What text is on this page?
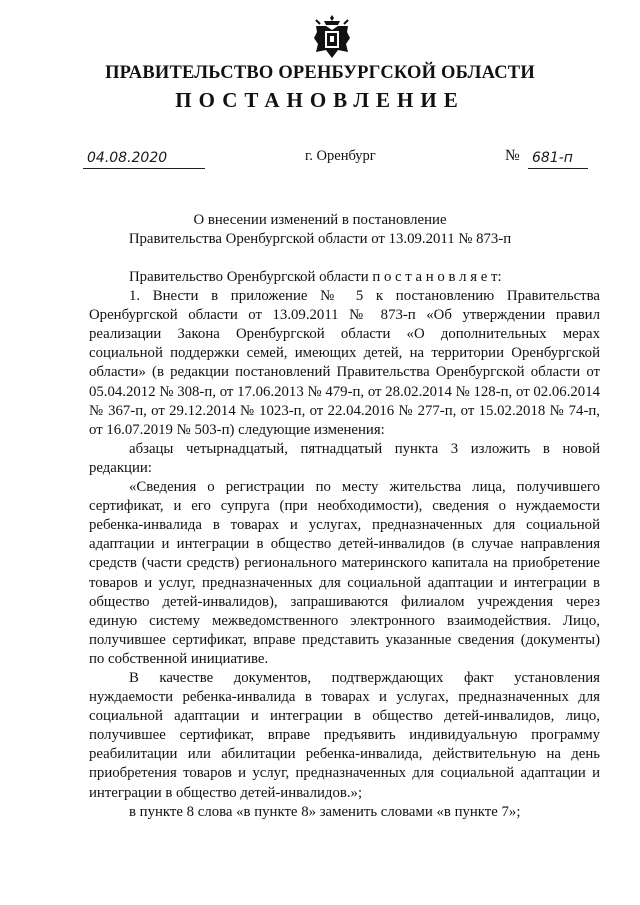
ПРАВИТЕЛЬСТВО ОРЕНБУРГСКОЙ ОБЛАСТИ
ПОСТАНОВЛЕНИЕ
04.08.2020	г. Оренбург	№ 681-п
О внесении изменений в постановление
Правительства Оренбургской области от 13.09.2011 № 873-п

Правительство Оренбургской области п о с т а н о в л я е т:

1. Внести в приложение № 5 к постановлению Правительства Оренбургской области от 13.09.2011 № 873-п «Об утверждении правил реализации Закона Оренбургской области «О дополнительных мерах социальной поддержки семей, имеющих детей, на территории Оренбургской области» (в редакции постановлений Правительства Оренбургской области от 05.04.2012 № 308-п, от 17.06.2013 № 479-п, от 28.02.2014 № 128-п, от 02.06.2014 № 367-п, от 29.12.2014 № 1023-п, от 22.04.2016 № 277-п, от 15.02.2018 № 74-п, от 16.07.2019 № 503-п) следующие изменения:

абзацы четырнадцатый, пятнадцатый пункта 3 изложить в новой редакции:

«Сведения о регистрации по месту жительства лица, получившего сертификат, и его супруга (при необходимости), сведения о нуждаемости ребенка-инвалида в товарах и услугах, предназначенных для социальной адаптации и интеграции в общество детей-инвалидов (в случае направления средств (части средств) регионального материнского капитала на приобретение товаров и услуг, предназначенных для социальной адаптации и интеграции в общество детей-инвалидов), запрашиваются филиалом учреждения через единую систему межведомственного электронного взаимодействия. Лицо, получившее сертификат, вправе представить указанные сведения (документы) по собственной инициативе.

В качестве документов, подтверждающих факт установления нуждаемости ребенка-инвалида в товарах и услугах, предназначенных для социальной адаптации и интеграции в общество детей-инвалидов, лицо, получившее сертификат, вправе предъявить индивидуальную программу реабилитации или абилитации ребенка-инвалида, действительную на день приобретения товаров и услуг, предназначенных для социальной адаптации и интеграции в общество детей-инвалидов.»;

в пункте 8 слова «в пункте 8» заменить словами «в пункте 7»;
